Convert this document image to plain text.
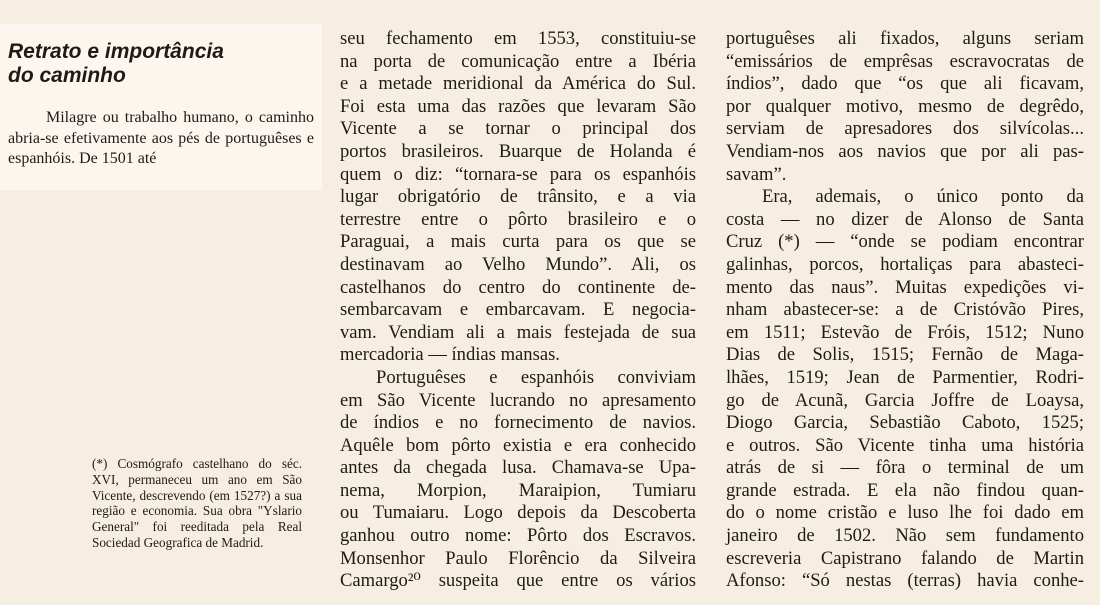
Retrato e importância
do caminho

Milagre ou trabalho humano, o caminho abria-se efetivamente aos pés de portuguêses e espanhóis. De 1501 até

(*) Cosmógrafo castelhano do séc. XVI, permaneceu um ano em São Vicente, descrevendo (em 1527?) a sua região e economia. Sua obra "Yslario General" foi reeditada pela Real Sociedad Geografica de Madrid.

seu fechamento em 1553, constituiu-se
na porta de comunicação entre a Ibéria
e a metade meridional da América do Sul.
Foi esta uma das razões que levaram São
Vicente a se tornar o principal dos
portos brasileiros. Buarque de Holanda é
quem o diz: “tornara-se para os espanhóis
lugar obrigatório de trânsito, e a via
terrestre entre o pôrto brasileiro e o
Paraguai, a mais curta para os que se
destinavam ao Velho Mundo”. Ali, os
castelhanos do centro do continente de-
sembarcavam e embarcavam. E negocia-
vam. Vendiam ali a mais festejada de sua
mercadoria — índias mansas.
Portuguêses e espanhóis conviviam
em São Vicente lucrando no apresamento
de índios e no fornecimento de navios.
Aquêle bom pôrto existia e era conhecido
antes da chegada lusa. Chamava-se Upa-
nema, Morpion, Maraipion, Tumiaru
ou Tumaiaru. Logo depois da Descoberta
ganhou outro nome: Pôrto dos Escravos.
Monsenhor Paulo Florêncio da Silveira
Camargo²⁰ suspeita que entre os vários
portuguêses ali fixados, alguns seriam
“emissários de emprêsas escravocratas de
índios”, dado que “os que ali ficavam,
por qualquer motivo, mesmo de degrêdo,
serviam de apresadores dos silvícolas...
Vendiam-nos aos navios que por ali pas-
savam”.
Era, ademais, o único ponto da
costa — no dizer de Alonso de Santa
Cruz (*) — “onde se podiam encontrar
galinhas, porcos, hortaliças para abasteci-
mento das naus”. Muitas expedições vi-
nham abastecer-se: a de Cristóvão Pires,
em 1511; Estevão de Fróis, 1512; Nuno
Dias de Solis, 1515; Fernão de Maga-
lhães, 1519; Jean de Parmentier, Rodri-
go de Acunã, Garcia Joffre de Loaysa,
Diogo Garcia, Sebastião Caboto, 1525;
e outros. São Vicente tinha uma história
atrás de si — fôra o terminal de um
grande estrada. E ela não findou quan-
do o nome cristão e luso lhe foi dado em
janeiro de 1502. Não sem fundamento
escreveria Capistrano falando de Martin
Afonso: “Só nestas (terras) havia conhe-
